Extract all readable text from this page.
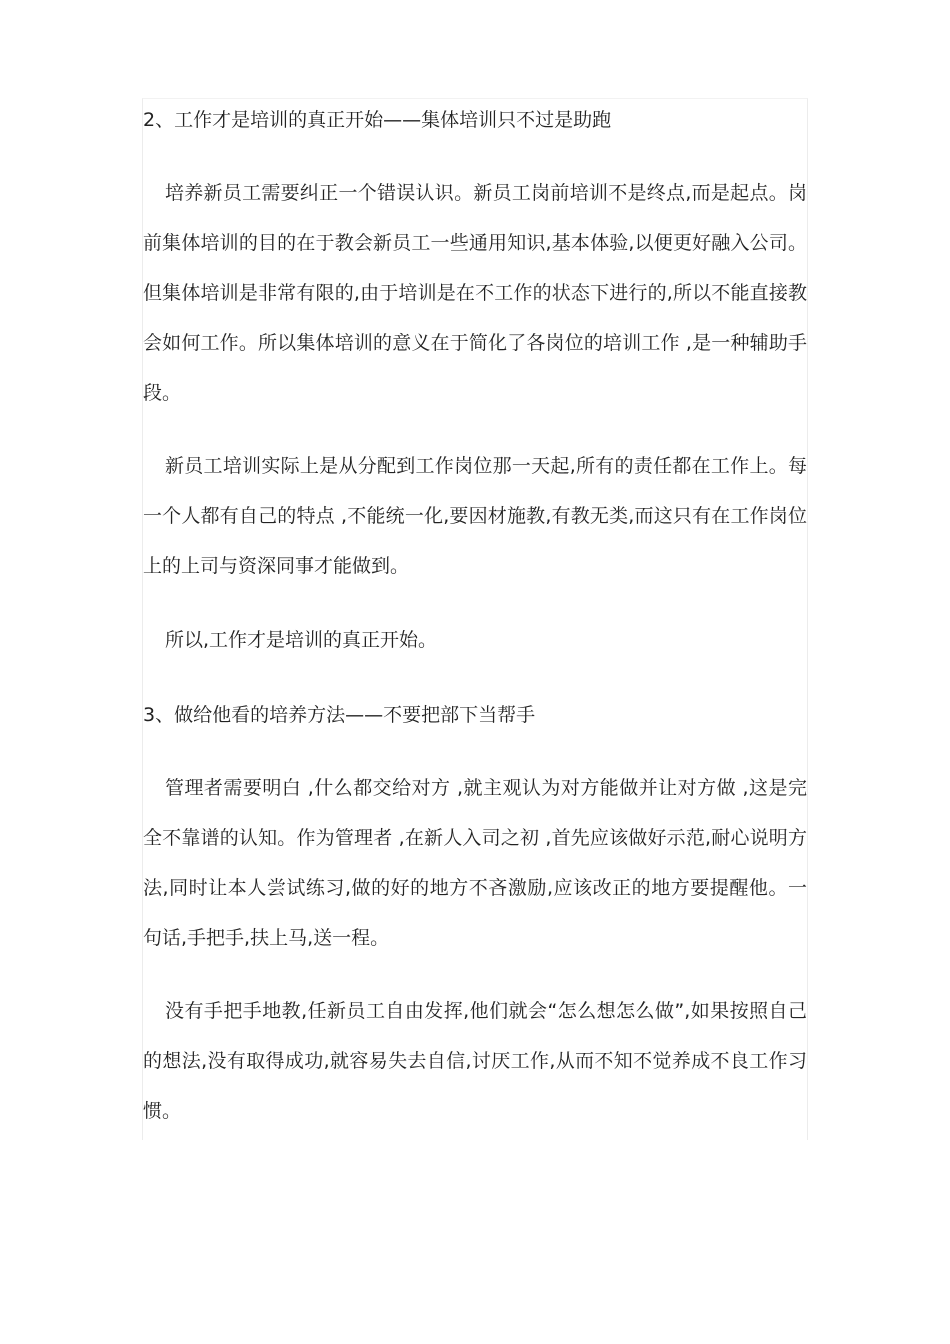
2、工作才是培训的真正开始——集体培训只不过是助跑

培养新员工需要纠正一个错误认识。新员工岗前培训不是终点,而是起点。岗前集体培训的目的在于教会新员工一些通用知识,基本体验,以便更好融入公司。但集体培训是非常有限的,由于培训是在不工作的状态下进行的,所以不能直接教会如何工作。所以集体培训的意义在于简化了各岗位的培训工作 ,是一种辅助手段。

新员工培训实际上是从分配到工作岗位那一天起,所有的责任都在工作上。每一个人都有自己的特点 ,不能统一化,要因材施教,有教无类,而这只有在工作岗位上的上司与资深同事才能做到。

所以,工作才是培训的真正开始。

3、做给他看的培养方法——不要把部下当帮手

管理者需要明白 ,什么都交给对方 ,就主观认为对方能做并让对方做 ,这是完全不靠谱的认知。作为管理者 ,在新人入司之初 ,首先应该做好示范,耐心说明方法,同时让本人尝试练习,做的好的地方不吝激励,应该改正的地方要提醒他。一句话,手把手,扶上马,送一程。

没有手把手地教,任新员工自由发挥,他们就会“怎么想怎么做”,如果按照自己的想法,没有取得成功,就容易失去自信,讨厌工作,从而不知不觉养成不良工作习惯。
